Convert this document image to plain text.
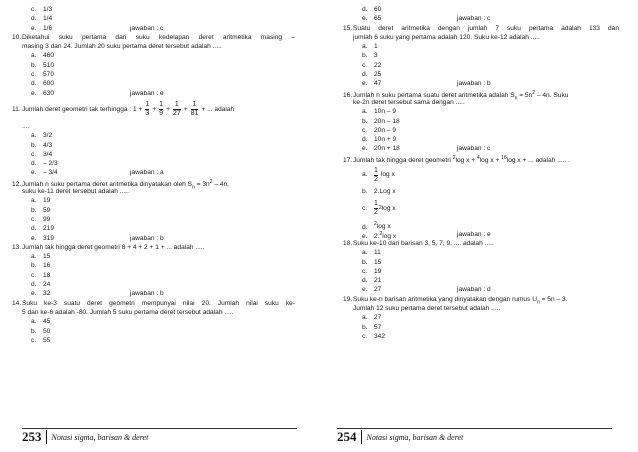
c. 1/3
d. 1/4
e. 1/6	jawaban : c
10.Diketahui suku pertama dan suku kedelapan deret aritmetika masing –
masing 3 dan 24. Jumlah 20 suku pertama deret tersebut adalah .....
a. 460
b. 510
c. 570
d. 600
e. 630	jawaban : e
11. Jumlah deret geometri tak terhingga : $1 + \frac{1}{3} + \frac{1}{9} + \frac{1}{27} + \frac{1}{81}$ + ... adalah
....
a. 3/2
b. 4/3
c. 3/4
d. – 2/3
e. – 3/4	jawaban : a
12.Jumlah n suku pertama deret aritmetika dinyatakan oleh $S_n = 3n^2 - 4n$,
suku ke-11 deret tersebut adalah .....
a. 19
b. 59
c. 99
d. 219
e. 319	jawaban : b
13.Jumlah tak hingga deret geometri 8 + 4 + 2 + 1 + ... adalah .....
a. 15
b. 16
c. 18
d. 24
e. 32	jawaban : b
14.Suku ke-3 suatu deret geometri mempunyai nilai 20. Jumlah nilai suku ke-
5 dan ke-6 adalah -80. Jumlah 5 suku pertama deret tersebut adalah .....
a. 45
b. 50
c. 55
253	Notasi sigma, barisan & deret
d. 60
e. 65	jawaban : c
15.Suatu deret aritmetika dengan jumlah 7 suku pertama adalah 133 dan
jumlah 6 suku yang pertama adalah 120. Suku ke-12 adalah .....
a. 1
b. 3
c. 22
d. 25
e. 47	jawaban : b
16.Jumlah n suku pertama suatu deret aritmetika adalah $S_n = 5n^2 - 4n$. Suku
ke-2n deret tersebut sama dengan .....
a. 10n – 9
b. 20n – 18
c. 20n – 9
d. 10n + 9
e. 20n + 18	jawaban : c
17.Jumlah tak hingga deret geometri $^2$log x + $^4$log x + $^{16}$log x + ... adalah ..... .
a. $\frac{1}{2}$ log x
b. 2.Log x
c. $\frac{1}{2} 2$ log x
d. $^2$log x
e. 2.$^2$log x	jawaban : e
18.Suku ke-10 dari barisan 3, 5, 7, 9, .... adalah .....
a. 11
b. 15
c. 19
d. 21
e. 27	jawaban : d
19.Suku ke-n barisan aritmetika yang dinyatakan dengan rumus $U_n = 5n - 3$.
Jumlah 12 suku pertama deret tersebut adalah .....
a. 27
b. 57
c. 342
254	Notasi sigma, barisan & deret
